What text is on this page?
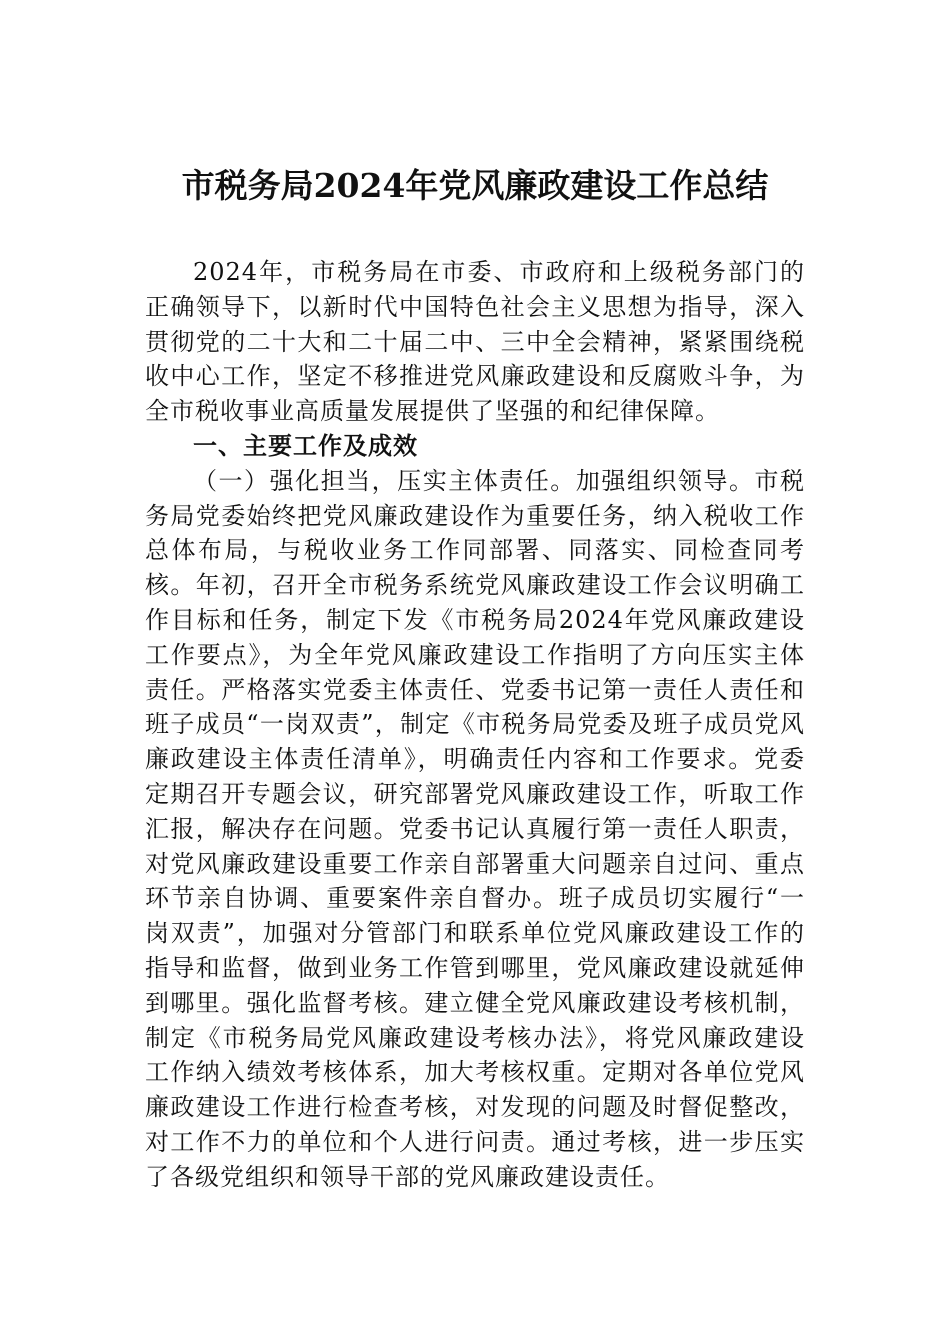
市税务局2024年党风廉政建设工作总结

2024年，市税务局在市委、市政府和上级税务部门的正确领导下，以新时代中国特色社会主义思想为指导，深入贯彻党的二十大和二十届二中、三中全会精神，紧紧围绕税收中心工作，坚定不移推进党风廉政建设和反腐败斗争，为全市税收事业高质量发展提供了坚强的和纪律保障。

一、主要工作及成效

（一）强化担当，压实主体责任。加强组织领导。市税务局党委始终把党风廉政建设作为重要任务，纳入税收工作总体布局，与税收业务工作同部署、同落实、同检查同考核。年初，召开全市税务系统党风廉政建设工作会议明确工作目标和任务，制定下发《市税务局2024年党风廉政建设工作要点》，为全年党风廉政建设工作指明了方向压实主体责任。严格落实党委主体责任、党委书记第一责任人责任和班子成员“一岗双责”，制定《市税务局党委及班子成员党风廉政建设主体责任清单》，明确责任内容和工作要求。党委定期召开专题会议，研究部署党风廉政建设工作，听取工作汇报，解决存在问题。党委书记认真履行第一责任人职责，对党风廉政建设重要工作亲自部署重大问题亲自过问、重点环节亲自协调、重要案件亲自督办。班子成员切实履行“一岗双责”，加强对分管部门和联系单位党风廉政建设工作的指导和监督，做到业务工作管到哪里，党风廉政建设就延伸到哪里。强化监督考核。建立健全党风廉政建设考核机制，制定《市税务局党风廉政建设考核办法》，将党风廉政建设工作纳入绩效考核体系，加大考核权重。定期对各单位党风廉政建设工作进行检查考核，对发现的问题及时督促整改，对工作不力的单位和个人进行问责。通过考核，进一步压实了各级党组织和领导干部的党风廉政建设责任。
